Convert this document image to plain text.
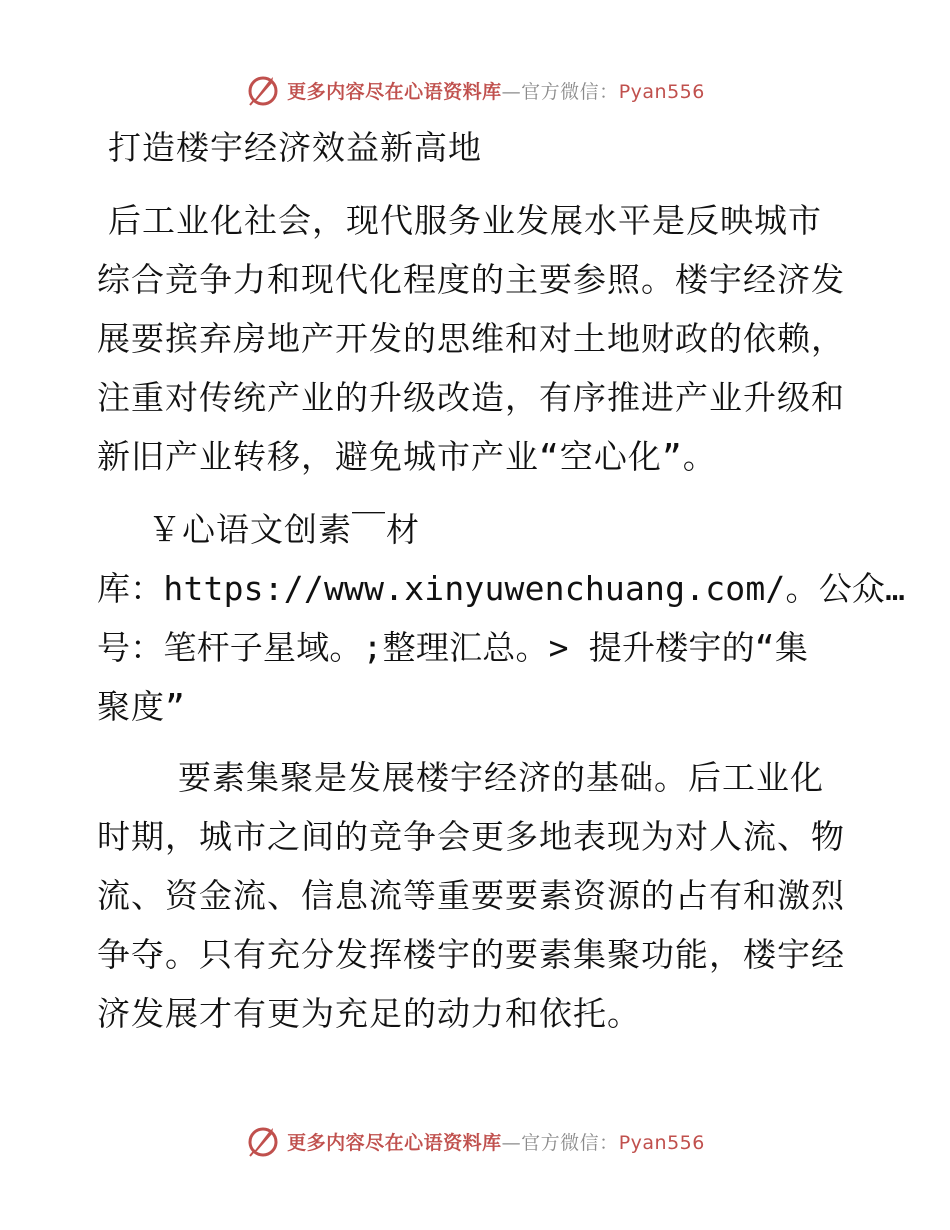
更多内容尽在心语资料库—官方微信：Pyan556
打造楼宇经济效益新高地
后工业化社会，现代服务业发展水平是反映城市
综合竞争力和现代化程度的主要参照。楼宇经济发
展要摈弃房地产开发的思维和对土地财政的依赖，
注重对传统产业的升级改造，有序推进产业升级和
新旧产业转移，避免城市产业“空心化”。
￥心语文创素￣材
库：https://www.xinyuwenchuang.com/。公众…
号：笔杆子星域。;整理汇总。> 提升楼宇的“集
聚度”
要素集聚是发展楼宇经济的基础。后工业化
时期，城市之间的竞争会更多地表现为对人流、物
流、资金流、信息流等重要要素资源的占有和激烈
争夺。只有充分发挥楼宇的要素集聚功能，楼宇经
济发展才有更为充足的动力和依托。
更多内容尽在心语资料库—官方微信：Pyan556
